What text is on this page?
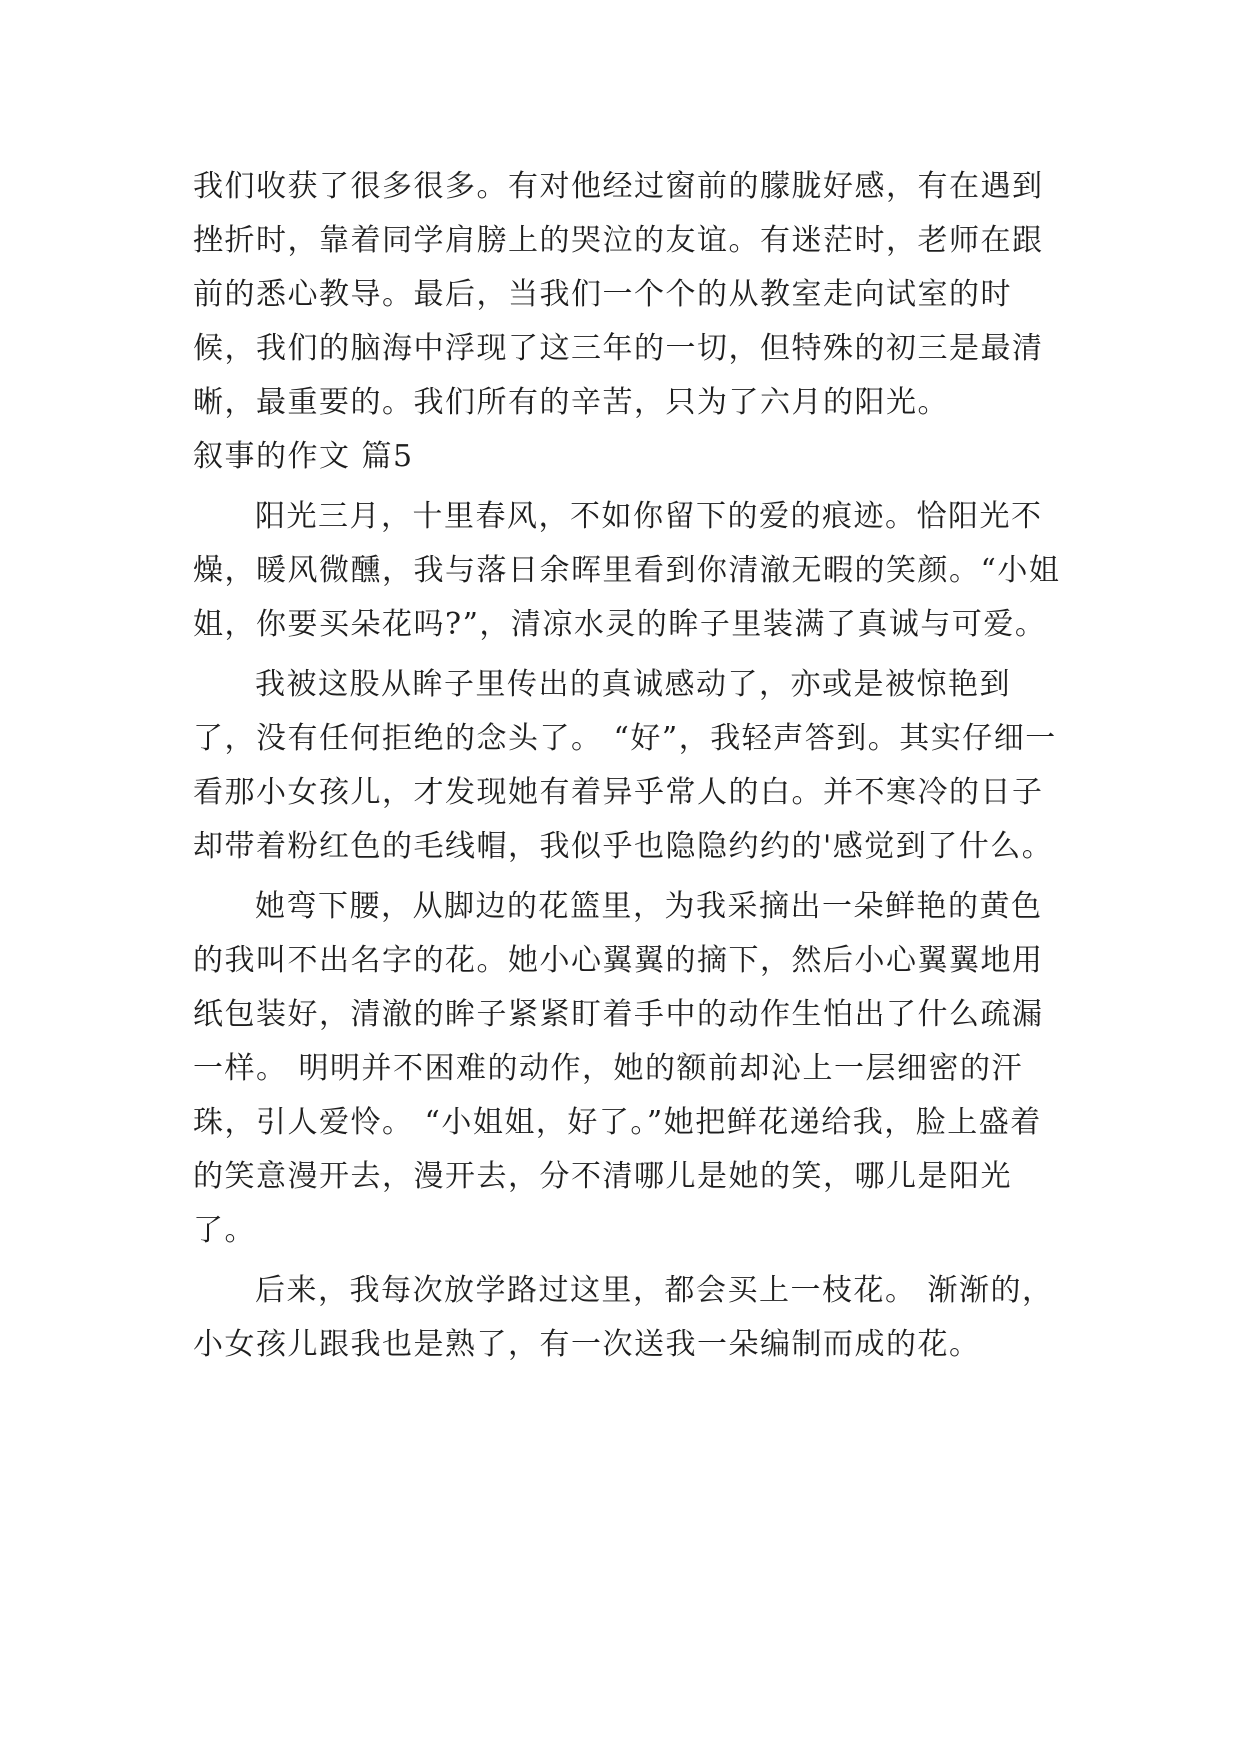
我们收获了很多很多。有对他经过窗前的朦胧好感，有在遇到挫折时，靠着同学肩膀上的哭泣的友谊。有迷茫时，老师在跟前的悉心教导。最后，当我们一个个的从教室走向试室的时候，我们的脑海中浮现了这三年的一切，但特殊的初三是最清晰，最重要的。我们所有的辛苦，只为了六月的阳光。

叙事的作文 篇5

阳光三月，十里春风，不如你留下的爱的痕迹。恰阳光不燥，暖风微醺，我与落日余晖里看到你清澈无暇的笑颜。“小姐姐，你要买朵花吗?”，清凉水灵的眸子里装满了真诚与可爱。

我被这股从眸子里传出的真诚感动了，亦或是被惊艳到了，没有任何拒绝的念头了。 “好”，我轻声答到。其实仔细一看那小女孩儿，才发现她有着异乎常人的白。并不寒冷的日子却带着粉红色的毛线帽，我似乎也隐隐约约的'感觉到了什么。

她弯下腰，从脚边的花篮里，为我采摘出一朵鲜艳的黄色的我叫不出名字的花。她小心翼翼的摘下，然后小心翼翼地用纸包装好，清澈的眸子紧紧盯着手中的动作生怕出了什么疏漏一样。 明明并不困难的动作，她的额前却沁上一层细密的汗珠，引人爱怜。 “小姐姐，好了。”她把鲜花递给我，脸上盛着的笑意漫开去，漫开去，分不清哪儿是她的笑，哪儿是阳光了。

后来，我每次放学路过这里，都会买上一枝花。 渐渐的，小女孩儿跟我也是熟了，有一次送我一朵编制而成的花。
